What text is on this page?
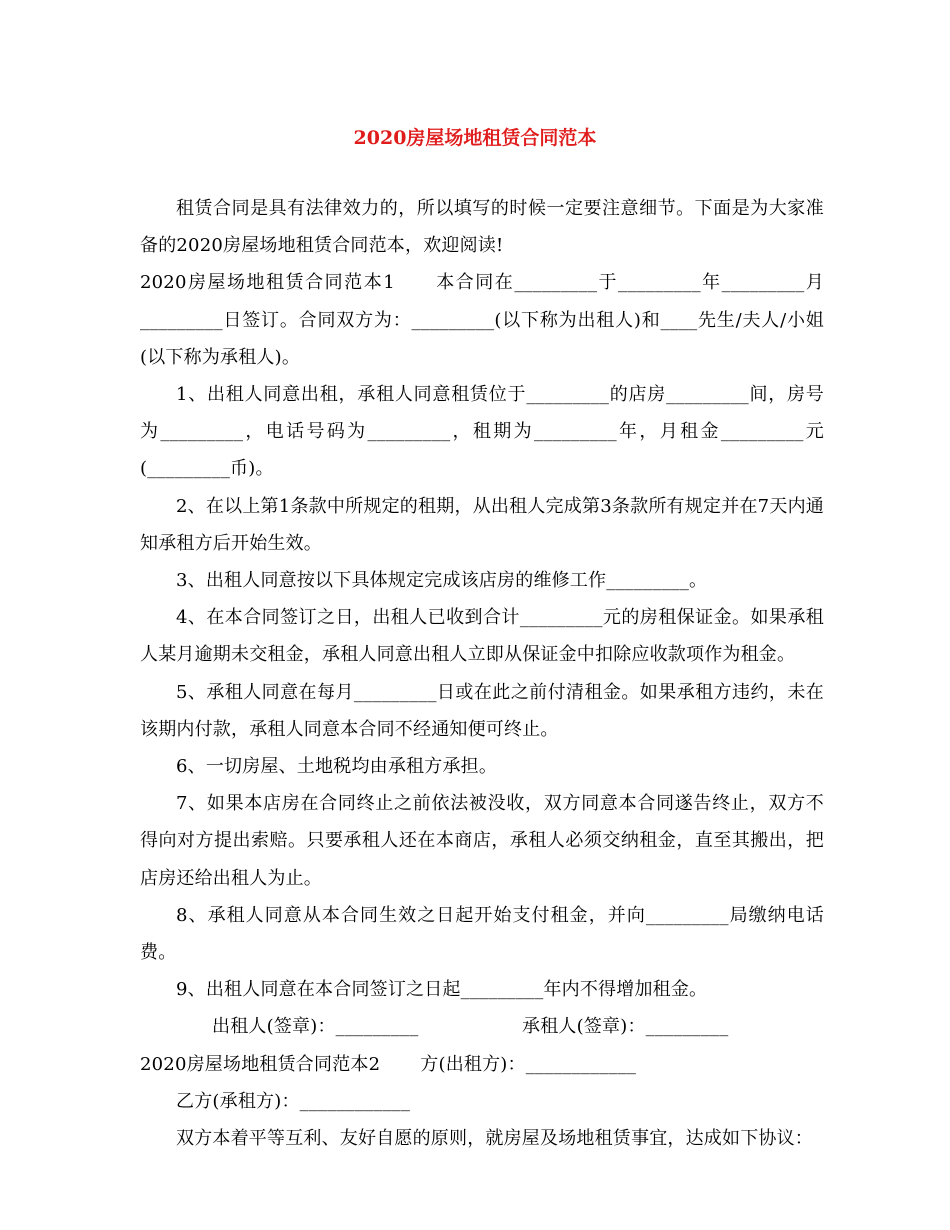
2020房屋场地租赁合同范本

租赁合同是具有法律效力的，所以填写的时候一定要注意细节。下面是为大家准备的2020房屋场地租赁合同范本，欢迎阅读!

2020房屋场地租赁合同范本1 本合同在_________于_________年_________月_________日签订。合同双方为：_________(以下称为出租人)和____先生/夫人/小姐(以下称为承租人)。

1、出租人同意出租，承租人同意租赁位于_________的店房_________间，房号为_________，电话号码为_________，租期为_________年，月租金_________元(_________币)。

2、在以上第1条款中所规定的租期，从出租人完成第3条款所有规定并在7天内通知承租方后开始生效。

3、出租人同意按以下具体规定完成该店房的维修工作_________。

4、在本合同签订之日，出租人已收到合计_________元的房租保证金。如果承租人某月逾期未交租金，承租人同意出租人立即从保证金中扣除应收款项作为租金。

5、承租人同意在每月_________日或在此之前付清租金。如果承租方违约，未在该期内付款，承租人同意本合同不经通知便可终止。

6、一切房屋、土地税均由承租方承担。

7、如果本店房在合同终止之前依法被没收，双方同意本合同遂告终止，双方不得向对方提出索赔。只要承租人还在本商店，承租人必须交纳租金，直至其搬出，把店房还给出租人为止。

8、承租人同意从本合同生效之日起开始支付租金，并向_________局缴纳电话费。

9、出租人同意在本合同签订之日起_________年内不得增加租金。

出租人(签章)：_________	承租人(签章)：_________

2020房屋场地租赁合同范本2 方(出租方)：____________

乙方(承租方)：____________

双方本着平等互利、友好自愿的原则，就房屋及场地租赁事宜，达成如下协议：
